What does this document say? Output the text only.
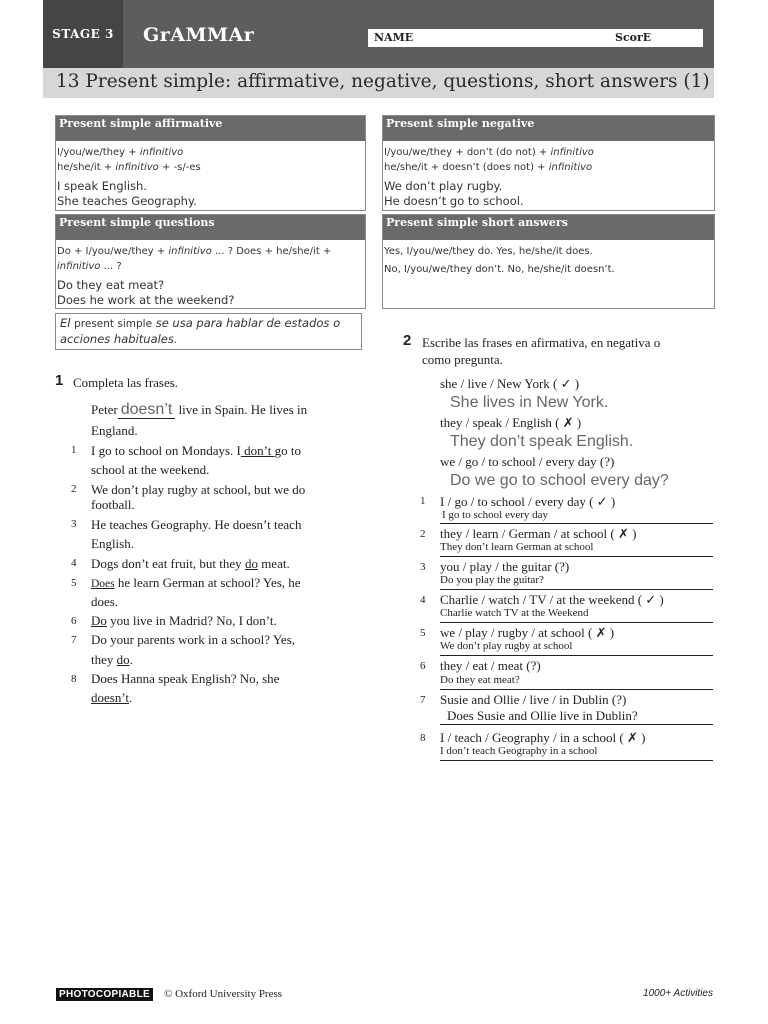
STAGE 3	GrAMMAr	NAME	ScorE
13 Present simple: affirmative, negative, questions, short answers (1)
Present simple affirmative
I/you/we/they + infinitivo
he/she/it + infinitivo + -s/-es
I speak English.
She teaches Geography.
Present simple negative
I/you/we/they + don’t (do not) + infinitivo
he/she/it + doesn’t (does not) + infinitivo
We don’t play rugby.
He doesn’t go to school.
Present simple questions
Do + I/you/we/they + infinitivo ... ? Does + he/she/it + infinitivo ... ?
Do they eat meat?
Does he work at the weekend?
Present simple short answers
Yes, I/you/we/they do. Yes, he/she/it does.
No, I/you/we/they don’t. No, he/she/it doesn’t.
El present simple se usa para hablar de estados o acciones habituales.
1 Completa las frases.
Peter doesn’t live in Spain. He lives in
England.
1 I go to school on Mondays. I don’t go to
school at the weekend.
2 We don’t play rugby at school, but we do
football.
3 He teaches Geography. He doesn’t teach
English.
4 Dogs don’t eat fruit, but they do meat.
5 Does he learn German at school? Yes, he
does.
6 Do you live in Madrid? No, I don’t.
7 Do your parents work in a school? Yes,
they do.
8 Does Hanna speak English? No, she
doesn’t.
2 Escribe las frases en afirmativa, en negativa o
como pregunta.
she / live / New York ( ✓ )
She lives in New York.
they / speak / English ( ✗ )
They don’t speak English.
we / go / to school / every day (?)
Do we go to school every day?
1 I / go / to school / every day ( ✓ )
I go to school every day
2 they / learn / German / at school ( ✗ )
They don’t learn German at school
3 you / play / the guitar (?)
Do you play the guitar?
4 Charlie / watch / TV / at the weekend ( ✓ )
Charlie watch TV at the Weekend
5 we / play / rugby / at school ( ✗ )
We don’t play rugby at school
6 they / eat / meat (?)
Do they eat meat?
7 Susie and Ollie / live / in Dublin (?)
Does Susie and Ollie live in Dublin?
8 I / teach / Geography / in a school ( ✗ )
I don’t teach Geography in a school
PHOTOCOPIABLE © Oxford University Press	1000+ Activities
